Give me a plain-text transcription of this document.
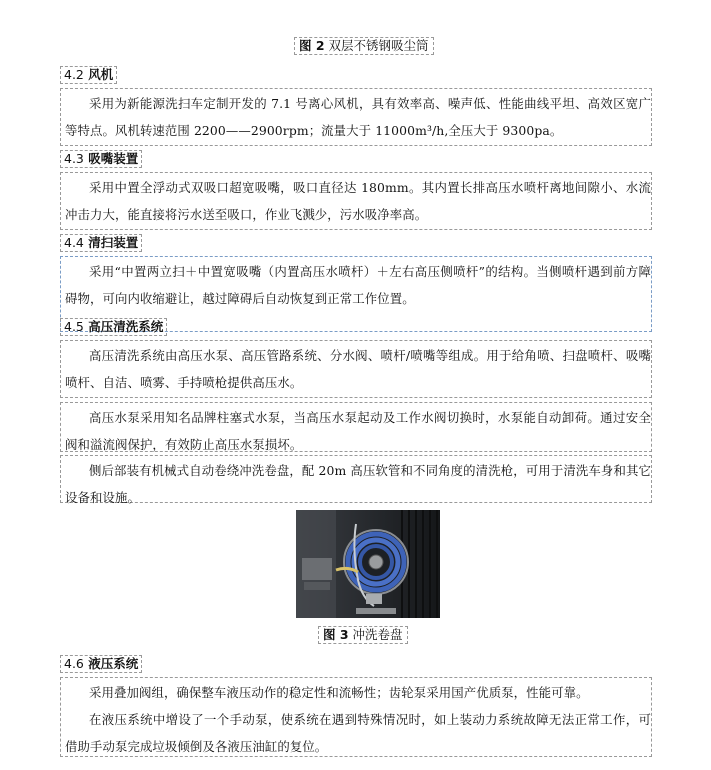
图 2 双层不锈钢吸尘筒
4.2 风机

采用为新能源洗扫车定制开发的 7.1 号离心风机，具有效率高、噪声低、性能曲线平坦、高效区宽广等特点。风机转速范围 2200——2900rpm；流量大于 11000m³/h,全压大于 9300pa。

4.3 吸嘴装置

采用中置全浮动式双吸口超宽吸嘴，吸口直径达 180mm。其内置长排高压水喷杆离地间隙小、水流冲击力大，能直接将污水送至吸口，作业飞溅少，污水吸净率高。

4.4 清扫装置

采用“中置两立扫＋中置宽吸嘴（内置高压水喷杆）＋左右高压侧喷杆”的结构。当侧喷杆遇到前方障碍物，可向内收缩避让，越过障碍后自动恢复到正常工作位置。

4.5 高压清洗系统

高压清洗系统由高压水泵、高压管路系统、分水阀、喷杆/喷嘴等组成。用于给角喷、扫盘喷杆、吸嘴喷杆、自洁、喷雾、手持喷枪提供高压水。

高压水泵采用知名品牌柱塞式水泵，当高压水泵起动及工作水阀切换时，水泵能自动卸荷。通过安全阀和溢流阀保护，有效防止高压水泵损坏。

侧后部装有机械式自动卷绕冲洗卷盘，配 20m 高压软管和不同角度的清洗枪，可用于清洗车身和其它设备和设施。

图 3 冲洗卷盘
4.6 液压系统

采用叠加阀组，确保整车液压动作的稳定性和流畅性；齿轮泵采用国产优质泵，性能可靠。

在液压系统中增设了一个手动泵，使系统在遇到特殊情况时，如上装动力系统故障无法正常工作，可借助手动泵完成垃圾倾倒及各液压油缸的复位。
